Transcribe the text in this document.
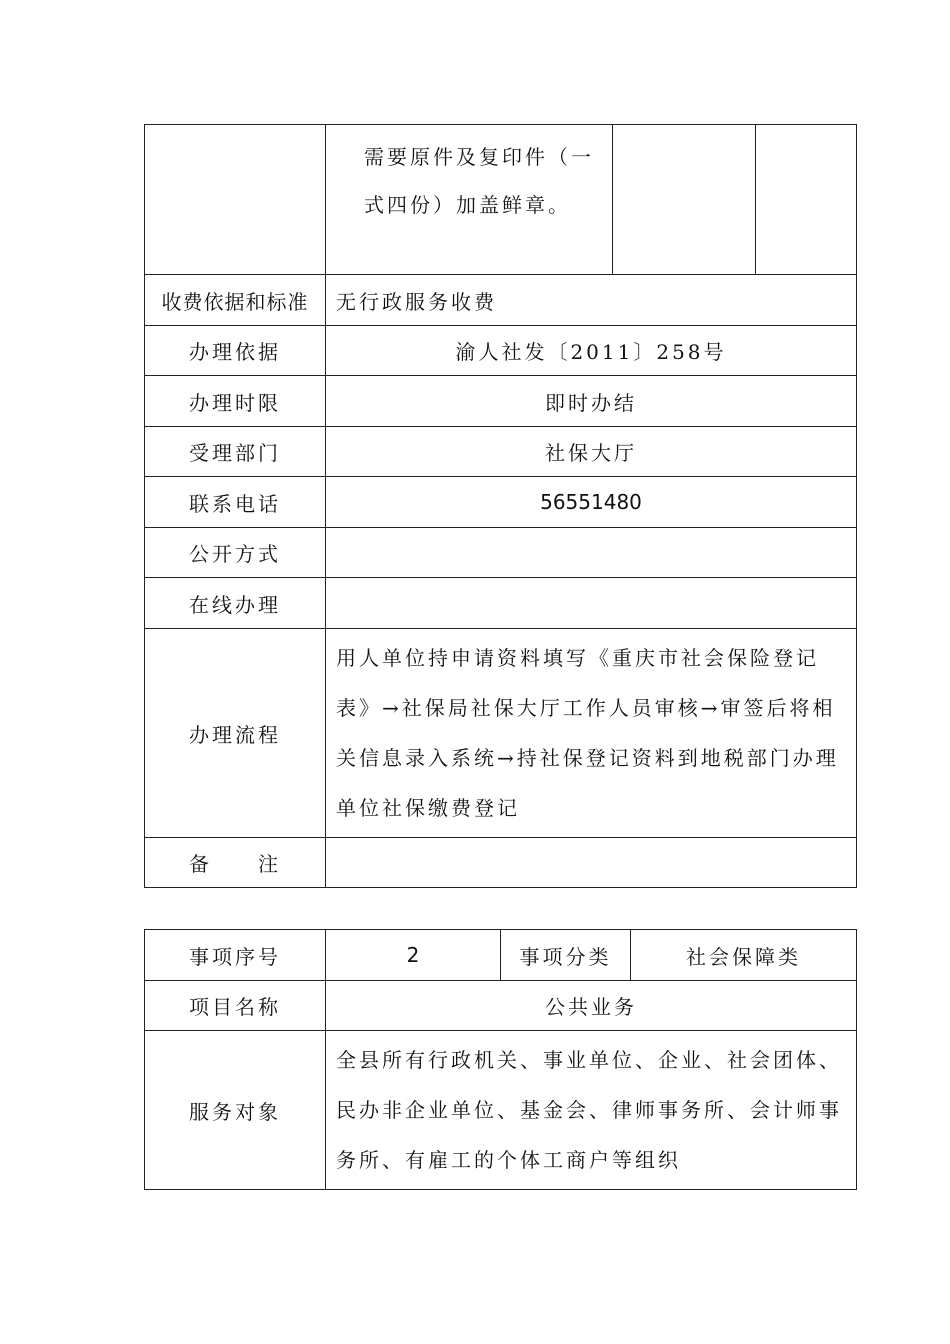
	需要原件及复印件（一式四份）加盖鲜章。		
收费依据和标准	无行政服务收费		
办理依据	渝人社发〔2011〕258号		
办理时限	即时办结		
受理部门	社保大厅		
联系电话	56551480		
公开方式			
在线办理			
办理流程	用人单位持申请资料填写《重庆市社会保险登记表》→社保局社保大厅工作人员审核→审签后将相关信息录入系统→持社保登记资料到地税部门办理单位社保缴费登记		
备　　注			
事项序号	2	事项分类	社会保障类
项目名称	公共业务		
服务对象	全县所有行政机关、事业单位、企业、社会团体、民办非企业单位、基金会、律师事务所、会计师事务所、有雇工的个体工商户等组织		
